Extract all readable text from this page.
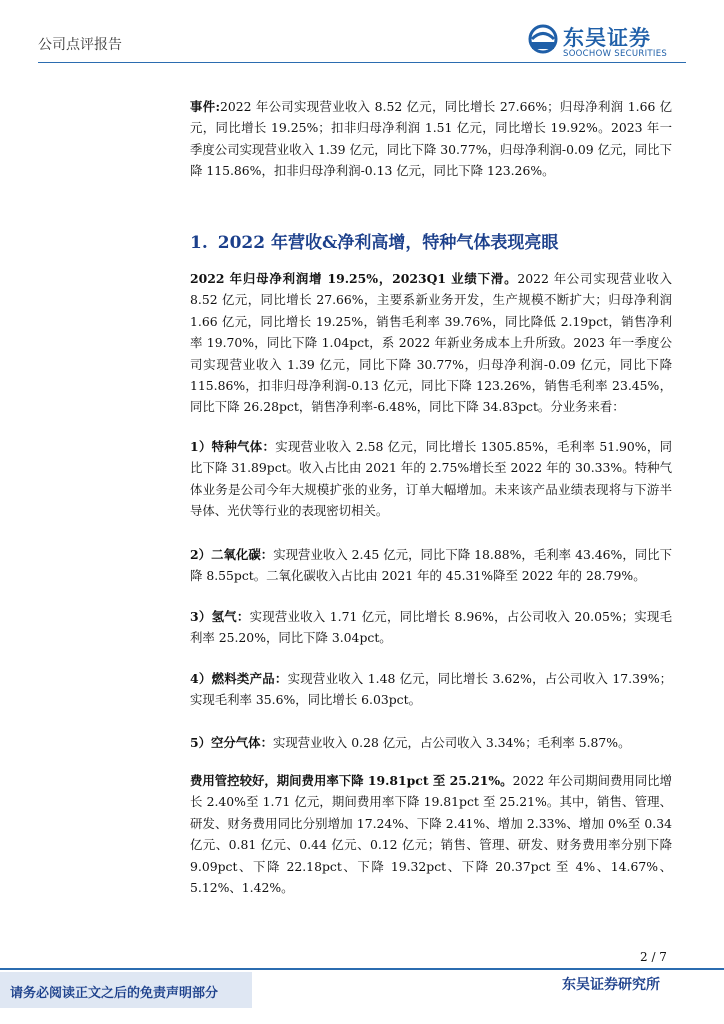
公司点评报告	东吴证券
SOOCHOW SECURITIES

事件:2022 年公司实现营业收入 8.52 亿元，同比增长 27.66%；归母净利润 1.66 亿元，同比增长 19.25%；扣非归母净利润 1.51 亿元，同比增长 19.92%。2023 年一季度公司实现营业收入 1.39 亿元，同比下降 30.77%，归母净利润-0.09 亿元，同比下降 115.86%，扣非归母净利润-0.13 亿元，同比下降 123.26%。

1. 2022 年营收&净利高增，特种气体表现亮眼

2022 年归母净利润增 19.25%，2023Q1 业绩下滑。2022 年公司实现营业收入 8.52 亿元，同比增长 27.66%，主要系新业务开发，生产规模不断扩大；归母净利润 1.66 亿元，同比增长 19.25%，销售毛利率 39.76%，同比降低 2.19pct，销售净利率 19.70%，同比下降 1.04pct，系 2022 年新业务成本上升所致。2023 年一季度公司实现营业收入 1.39 亿元，同比下降 30.77%，归母净利润-0.09 亿元，同比下降 115.86%，扣非归母净利润-0.13 亿元，同比下降 123.26%，销售毛利率 23.45%，同比下降 26.28pct，销售净利率-6.48%，同比下降 34.83pct。分业务来看：

1）特种气体：实现营业收入 2.58 亿元，同比增长 1305.85%，毛利率 51.90%，同比下降 31.89pct。收入占比由 2021 年的 2.75%增长至 2022 年的 30.33%。特种气体业务是公司今年大规模扩张的业务，订单大幅增加。未来该产品业绩表现将与下游半导体、光伏等行业的表现密切相关。

2）二氧化碳：实现营业收入 2.45 亿元，同比下降 18.88%，毛利率 43.46%，同比下降 8.55pct。二氧化碳收入占比由 2021 年的 45.31%降至 2022 年的 28.79%。

3）氢气：实现营业收入 1.71 亿元，同比增长 8.96%，占公司收入 20.05%；实现毛利率 25.20%，同比下降 3.04pct。

4）燃料类产品：实现营业收入 1.48 亿元，同比增长 3.62%，占公司收入 17.39%；实现毛利率 35.6%，同比增长 6.03pct。

5）空分气体：实现营业收入 0.28 亿元，占公司收入 3.34%；毛利率 5.87%。

费用管控较好，期间费用率下降 19.81pct 至 25.21%。2022 年公司期间费用同比增长 2.40%至 1.71 亿元，期间费用率下降 19.81pct 至 25.21%。其中，销售、管理、研发、财务费用同比分别增加 17.24%、下降 2.41%、增加 2.33%、增加 0%至 0.34 亿元、0.81 亿元、0.44 亿元、0.12 亿元；销售、管理、研发、财务费用率分别下降 9.09pct、下降 22.18pct、下降 19.32pct、下降 20.37pct 至 4%、14.67%、5.12%、1.42%。

2 / 7
请务必阅读正文之后的免责声明部分
东吴证券研究所
